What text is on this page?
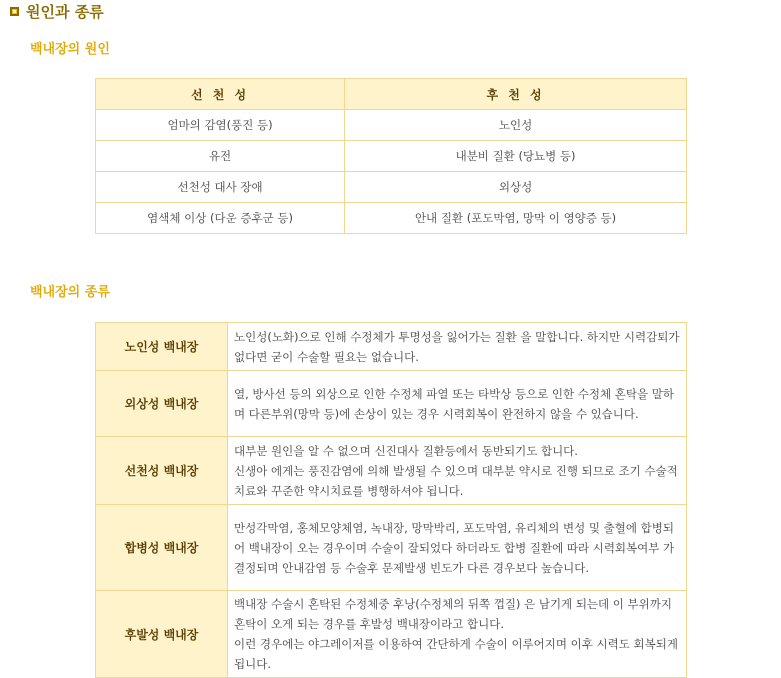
원인과 종류
백내장의 원인
선 천 성	후 천 성
엄마의 감염(풍진 등)	노인성
유전	내분비 질환 (당뇨병 등)
선천성 대사 장애	외상성
염색체 이상 (다운 증후군 등)	안내 질환 (포도막염, 망막 이 영양증 등)
백내장의 종류
노인성 백내장	노인성(노화)으로 인해 수정체가 투명성을 잃어가는 질환 을 말합니다. 하지만 시력감퇴가 없다면 굳이 수술할 필요는 없습니다.

외상성 백내장	열, 방사선 등의 외상으로 인한 수정체 파열 또는 타박상 등으로 인한 수정체 혼탁을 말하며 다른부위(망막 등)에 손상이 있는 경우 시력회복이 완전하지 않을 수 있습니다.

선천성 백내장	대부분 원인을 알 수 없으며 신진대사 질환등에서 동반되기도 합니다.
신생아 에게는 풍진감염에 의해 발생될 수 있으며 대부분 약시로 진행 되므로 조기 수술적 치료와 꾸준한 약시치료를 병행하셔야 됩니다.

합병성 백내장	만성각막염, 홍체모양체염, 녹내장, 망막박리, 포도막염, 유리체의 변성 및 출혈에 합병되어 백내장이 오는 경우이며 수술이 잘되었다 하더라도 합병 질환에 따라 시력회복여부 가 결정되며 안내감염 등 수술후 문제발생 빈도가 다른 경우보다 높습니다.

후발성 백내장	백내장 수술시 혼탁된 수정체중 후낭(수정체의 뒤쪽 껍질) 은 남기게 되는데 이 부위까지 혼탁이 오게 되는 경우를 후발성 백내장이라고 합니다.
이런 경우에는 야그레이저를 이용하여 간단하게 수술이 이루어지며 이후 시력도 회복되게 됩니다.
